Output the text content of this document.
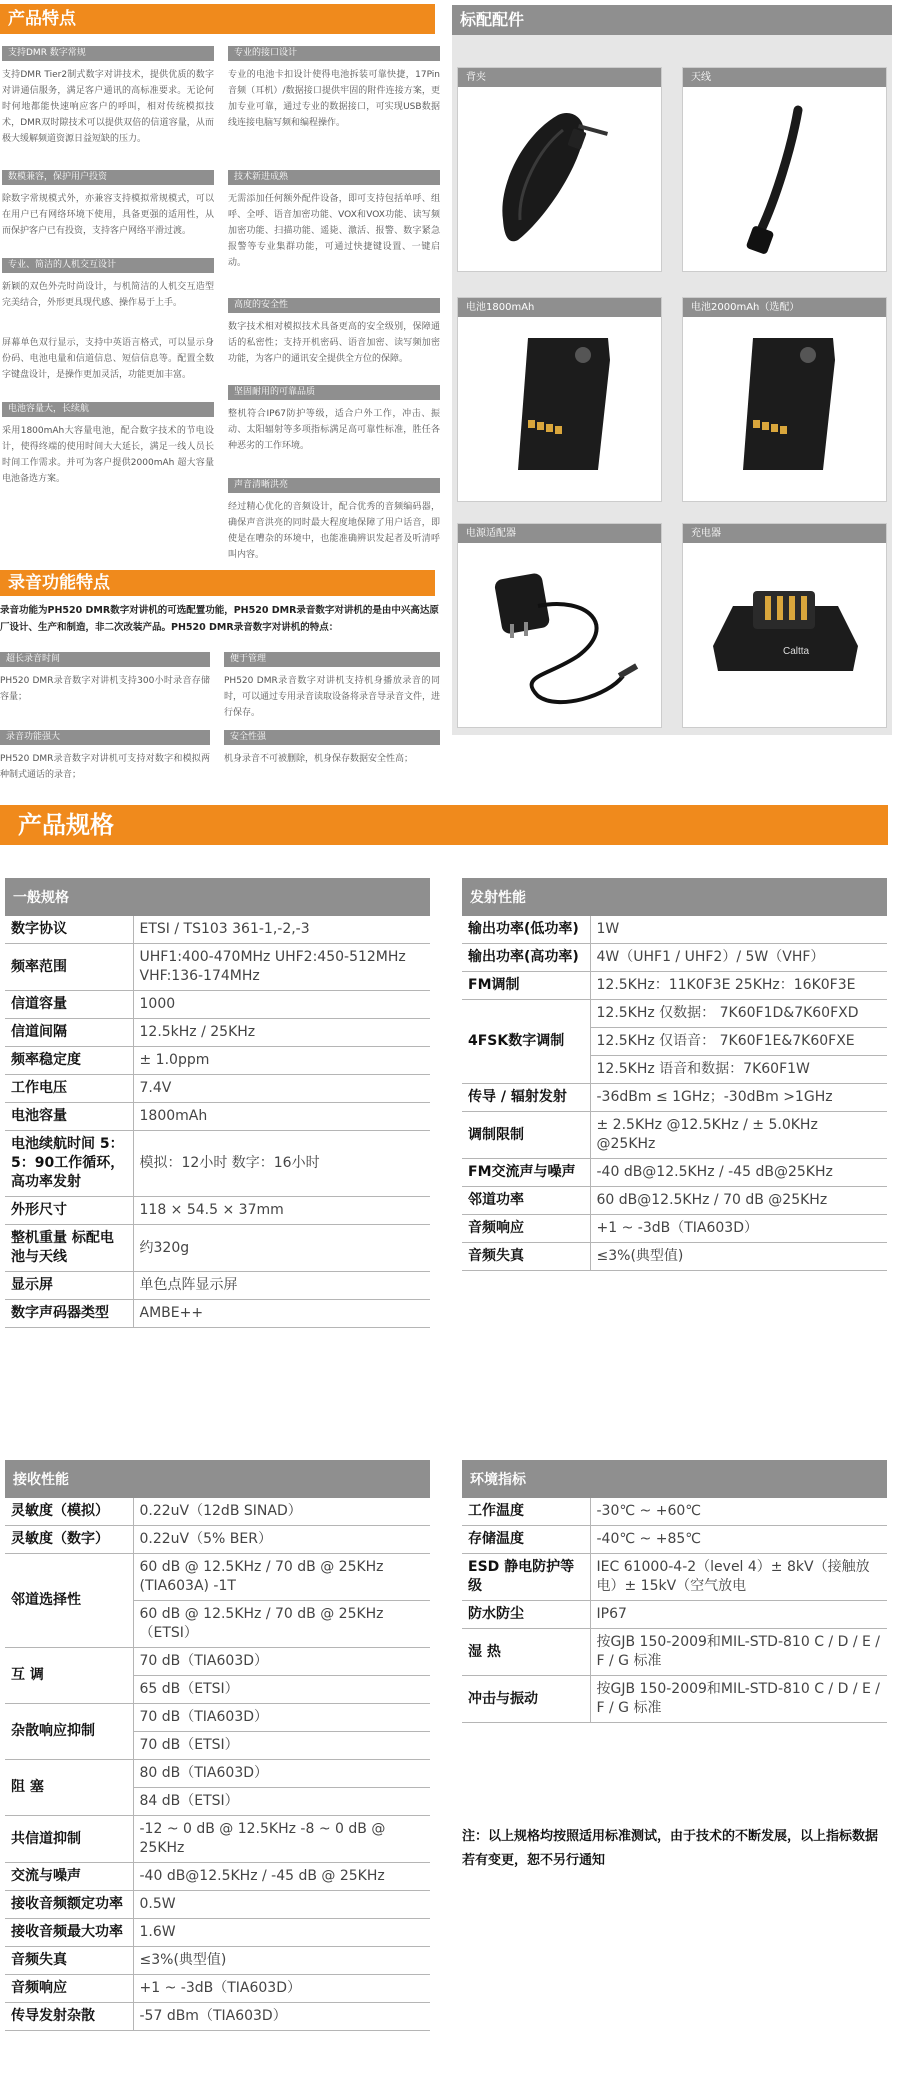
产品特点
支持DMR 数字常规
支持DMR Tier2制式数字对讲技术，提供优质的数字对讲通信服务，满足客户通讯的高标准要求。无论何时何地都能快速响应客户的呼叫，相对传统模拟技术，DMR双时隙技术可以提供双倍的信道容量，从而极大缓解频道资源日益短缺的压力。
数模兼容，保护用户投资
除数字常规模式外，亦兼容支持模拟常规模式，可以在用户已有网络环境下使用，具备更强的适用性，从而保护客户已有投资，支持客户网络平滑过渡。
专业、简洁的人机交互设计
新颖的双色外壳时尚设计，与机简洁的人机交互造型完美结合，外形更具现代感、操作易于上手。
屏幕单色双行显示，支持中英语言格式，可以显示身份码、电池电量和信道信息、短信信息等。配置全数字键盘设计，是操作更加灵活，功能更加丰富。
电池容量大，长续航
采用1800mAh大容量电池，配合数字技术的节电设计，使得终端的使用时间大大延长，满足一线人员长时间工作需求。并可为客户提供2000mAh 超大容量电池备选方案。
专业的接口设计
专业的电池卡扣设计使得电池拆装可靠快捷，17Pin音频（耳机）/数据接口提供牢固的附件连接方案，更加专业可靠，通过专业的数据接口，可实现USB数据线连接电脑写频和编程操作。
技术新进成熟
无需添加任何额外配件设备，即可支持包括单呼、组呼、全呼、语音加密功能、VOX和VOX功能、读写频加密功能、扫描功能、遥毙、激活、报警、数字紧急报警等专业集群功能，可通过快捷键设置、一键启动。
高度的安全性
数字技术相对模拟技术具备更高的安全级别，保障通话的私密性；支持开机密码、语音加密、读写频加密功能，为客户的通讯安全提供全方位的保障。
坚固耐用的可靠品质
整机符合IP67防护等级，适合户外工作，冲击、振动、太阳辐射等多项指标满足高可靠性标准，胜任各种恶劣的工作环境。
声音清晰洪亮
经过精心优化的音频设计，配合优秀的音频编码器，确保声音洪亮的同时最大程度地保障了用户话音，即使是在嘈杂的环境中，也能准确辨识发起者及听清呼叫内容。
录音功能特点
录音功能为PH520 DMR数字对讲机的可选配置功能，PH520 DMR录音数字对讲机的是由中兴高达原厂设计、生产和制造，非二次改装产品。PH520 DMR录音数字对讲机的特点：
超长录音时间
PH520 DMR录音数字对讲机支持300小时录音存储容量；
录音功能强大
PH520 DMR录音数字对讲机可支持对数字和模拟两种制式通话的录音；
便于管理
PH520 DMR录音数字对讲机支持机身播放录音的同时，可以通过专用录音读取设备将录音导录音文件，进行保存。
安全性强
机身录音不可被删除，机身保存数据安全性高；
标配配件
背夹	天线
电池1800mAh	电池2000mAh（选配）
电源适配器	充电器
Caltta
产品规格
一般规格	
数字协议	ETSI / TS103 361-1,-2,-3
频率范围	UHF1:400-470MHz UHF2:450-512MHz VHF:136-174MHz
信道容量	1000
信道间隔	12.5kHz / 25KHz
频率稳定度	± 1.0ppm
工作电压	7.4V
电池容量	1800mAh
电池续航时间 5：5：90工作循环，高功率发射	模拟：12小时 数字：16小时
外形尺寸	118 × 54.5 × 37mm
整机重量 标配电池与天线	约320g
显示屏	单色点阵显示屏
数字声码器类型	AMBE++
发射性能	
输出功率(低功率)	1W
输出功率(高功率)	4W（UHF1 / UHF2）/ 5W（VHF）
FM调制	12.5KHz：11K0F3E 25KHz：16K0F3E
4FSK数字调制	12.5KHz 仅数据： 7K60F1D&7K60FXD
	12.5KHz 仅语音： 7K60F1E&7K60FXE
	12.5KHz 语音和数据：7K60F1W
传导 / 辐射发射	-36dBm ≤ 1GHz；-30dBm >1GHz
调制限制	± 2.5KHz @12.5KHz / ± 5.0KHz @25KHz
FM交流声与噪声	-40 dB@12.5KHz / -45 dB@25KHz
邻道功率	60 dB@12.5KHz / 70 dB @25KHz
音频响应	+1 ~ -3dB（TIA603D）
音频失真	≤3%(典型值)
接收性能	
灵敏度（模拟）	0.22uV（12dB SINAD）
灵敏度（数字）	0.22uV（5% BER）
邻道选择性	60 dB @ 12.5KHz / 70 dB @ 25KHz (TIA603A) -1T
	60 dB @ 12.5KHz / 70 dB @ 25KHz（ETSI）
互 调	70 dB（TIA603D）
	65 dB（ETSI）
杂散响应抑制	70 dB（TIA603D）
	70 dB（ETSI）
阻 塞	80 dB（TIA603D）
	84 dB（ETSI）
共信道抑制	-12 ~ 0 dB @ 12.5KHz -8 ~ 0 dB @ 25KHz
交流与噪声	-40 dB@12.5KHz / -45 dB @ 25KHz
接收音频额定功率	0.5W
接收音频最大功率	1.6W
音频失真	≤3%(典型值)
音频响应	+1 ~ -3dB（TIA603D）
传导发射杂散	-57 dBm（TIA603D）
环境指标	
工作温度	-30℃ ~ +60℃
存储温度	-40℃ ~ +85℃
ESD 静电防护等级	IEC 61000-4-2（level 4）± 8kV（接触放电）± 15kV（空气放电
防水防尘	IP67
湿 热	按GJB 150-2009和MIL-STD-810 C / D / E / F / G 标准
冲击与振动	按GJB 150-2009和MIL-STD-810 C / D / E / F / G 标准
注：以上规格均按照适用标准测试，由于技术的不断发展，以上指标数据若有变更，恕不另行通知
